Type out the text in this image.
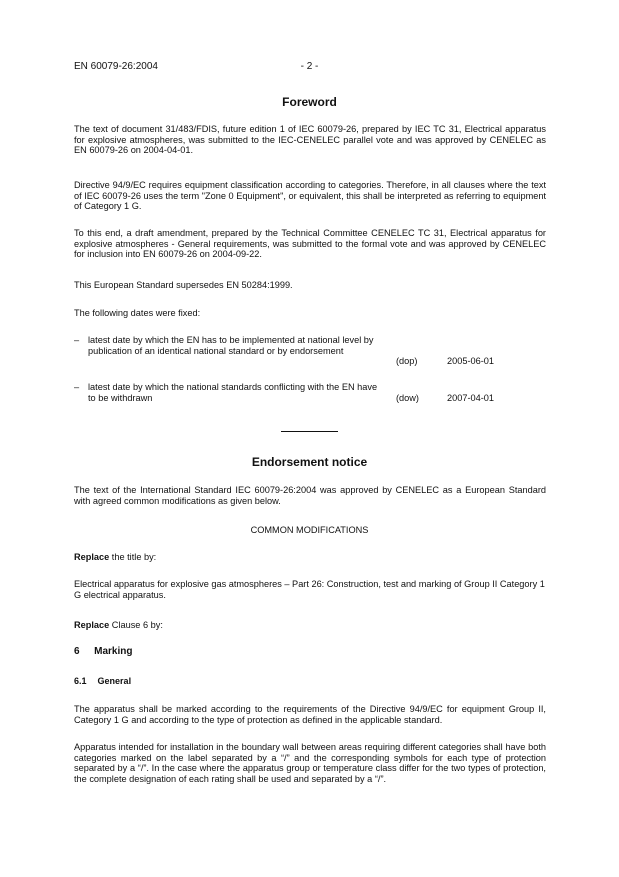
EN 60079-26:2004	- 2 -
Foreword
The text of document 31/483/FDIS, future edition 1 of IEC 60079-26, prepared by IEC TC 31, Electrical apparatus for explosive atmospheres, was submitted to the IEC-CENELEC parallel vote and was approved by CENELEC as EN 60079-26 on 2004-04-01.
Directive 94/9/EC requires equipment classification according to categories. Therefore, in all clauses where the text of IEC 60079-26 uses the term "Zone 0 Equipment", or equivalent, this shall be interpreted as referring to equipment of Category 1 G.
To this end, a draft amendment, prepared by the Technical Committee CENELEC TC 31, Electrical apparatus for explosive atmospheres - General requirements, was submitted to the formal vote and was approved by CENELEC for inclusion into EN 60079-26 on 2004-09-22.
This European Standard supersedes EN 50284:1999.
The following dates were fixed:
– latest date by which the EN has to be implemented at national level by publication of an identical national standard or by endorsement
(dop)	2005-06-01
– latest date by which the national standards conflicting with the EN have to be withdrawn	(dow)	2007-04-01
Endorsement notice
The text of the International Standard IEC 60079-26:2004 was approved by CENELEC as a European Standard with agreed common modifications as given below.
COMMON MODIFICATIONS
Replace the title by:
Electrical apparatus for explosive gas atmospheres – Part 26: Construction, test and marking of Group II Category 1 G electrical apparatus.
Replace Clause 6 by:
6 Marking
6.1 General
The apparatus shall be marked according to the requirements of the Directive 94/9/EC for equipment Group II, Category 1 G and according to the type of protection as defined in the applicable standard.
Apparatus intended for installation in the boundary wall between areas requiring different categories shall have both categories marked on the label separated by a “/” and the corresponding symbols for each type of protection separated by a “/”. In the case where the apparatus group or temperature class differ for the two types of protection, the complete designation of each rating shall be used and separated by a “/”.
